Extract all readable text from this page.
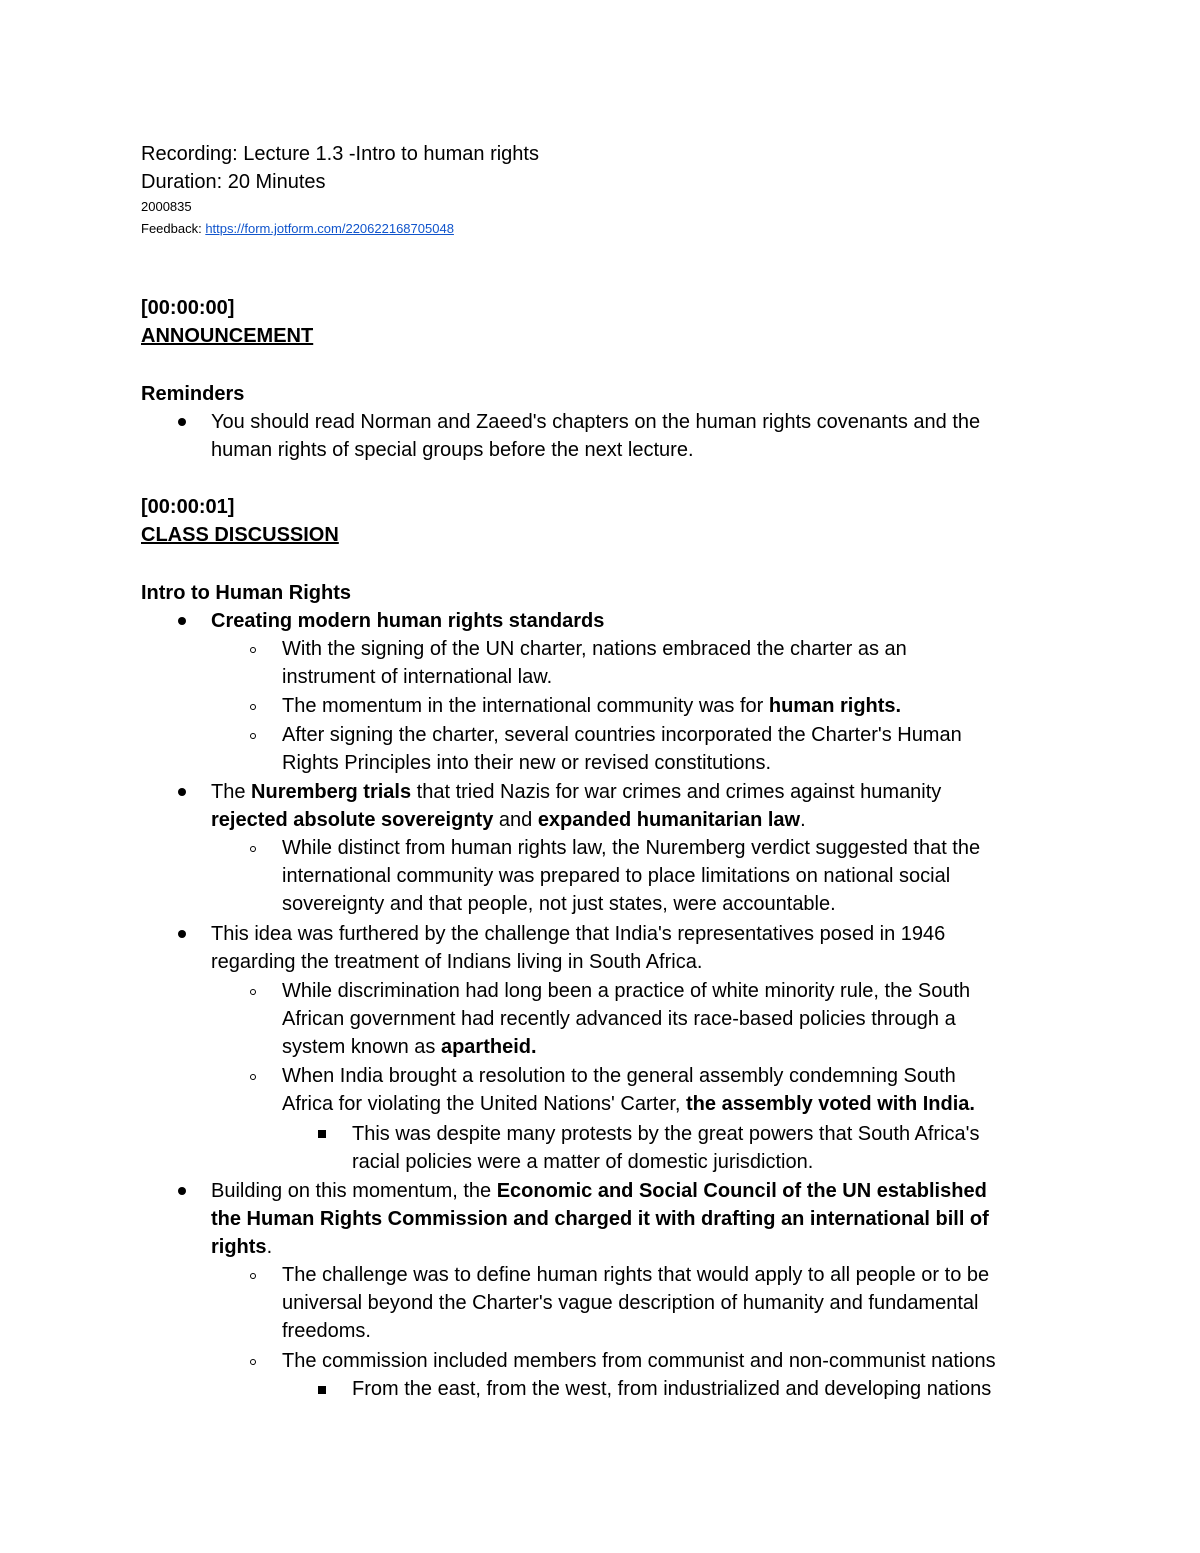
Recording: Lecture 1.3 -Intro to human rights
Duration: 20 Minutes
2000835
Feedback: https://form.jotform.com/220622168705048
[00:00:00]
ANNOUNCEMENT
Reminders
You should read Norman and Zaeed's chapters on the human rights covenants and the
human rights of special groups before the next lecture.
[00:00:01]
CLASS DISCUSSION
Intro to Human Rights
Creating modern human rights standards
With the signing of the UN charter, nations embraced the charter as an
instrument of international law.
The momentum in the international community was for human rights.
After signing the charter, several countries incorporated the Charter's Human
Rights Principles into their new or revised constitutions.
The Nuremberg trials that tried Nazis for war crimes and crimes against humanity
rejected absolute sovereignty and expanded humanitarian law.
While distinct from human rights law, the Nuremberg verdict suggested that the
international community was prepared to place limitations on national social
sovereignty and that people, not just states, were accountable.
This idea was furthered by the challenge that India's representatives posed in 1946
regarding the treatment of Indians living in South Africa.
While discrimination had long been a practice of white minority rule, the South
African government had recently advanced its race-based policies through a
system known as apartheid.
When India brought a resolution to the general assembly condemning South
Africa for violating the United Nations' Carter, the assembly voted with India.
This was despite many protests by the great powers that South Africa's
racial policies were a matter of domestic jurisdiction.
Building on this momentum, the Economic and Social Council of the UN established
the Human Rights Commission and charged it with drafting an international bill of
rights.
The challenge was to define human rights that would apply to all people or to be
universal beyond the Charter's vague description of humanity and fundamental
freedoms.
The commission included members from communist and non-communist nations
From the east, from the west, from industrialized and developing nations
